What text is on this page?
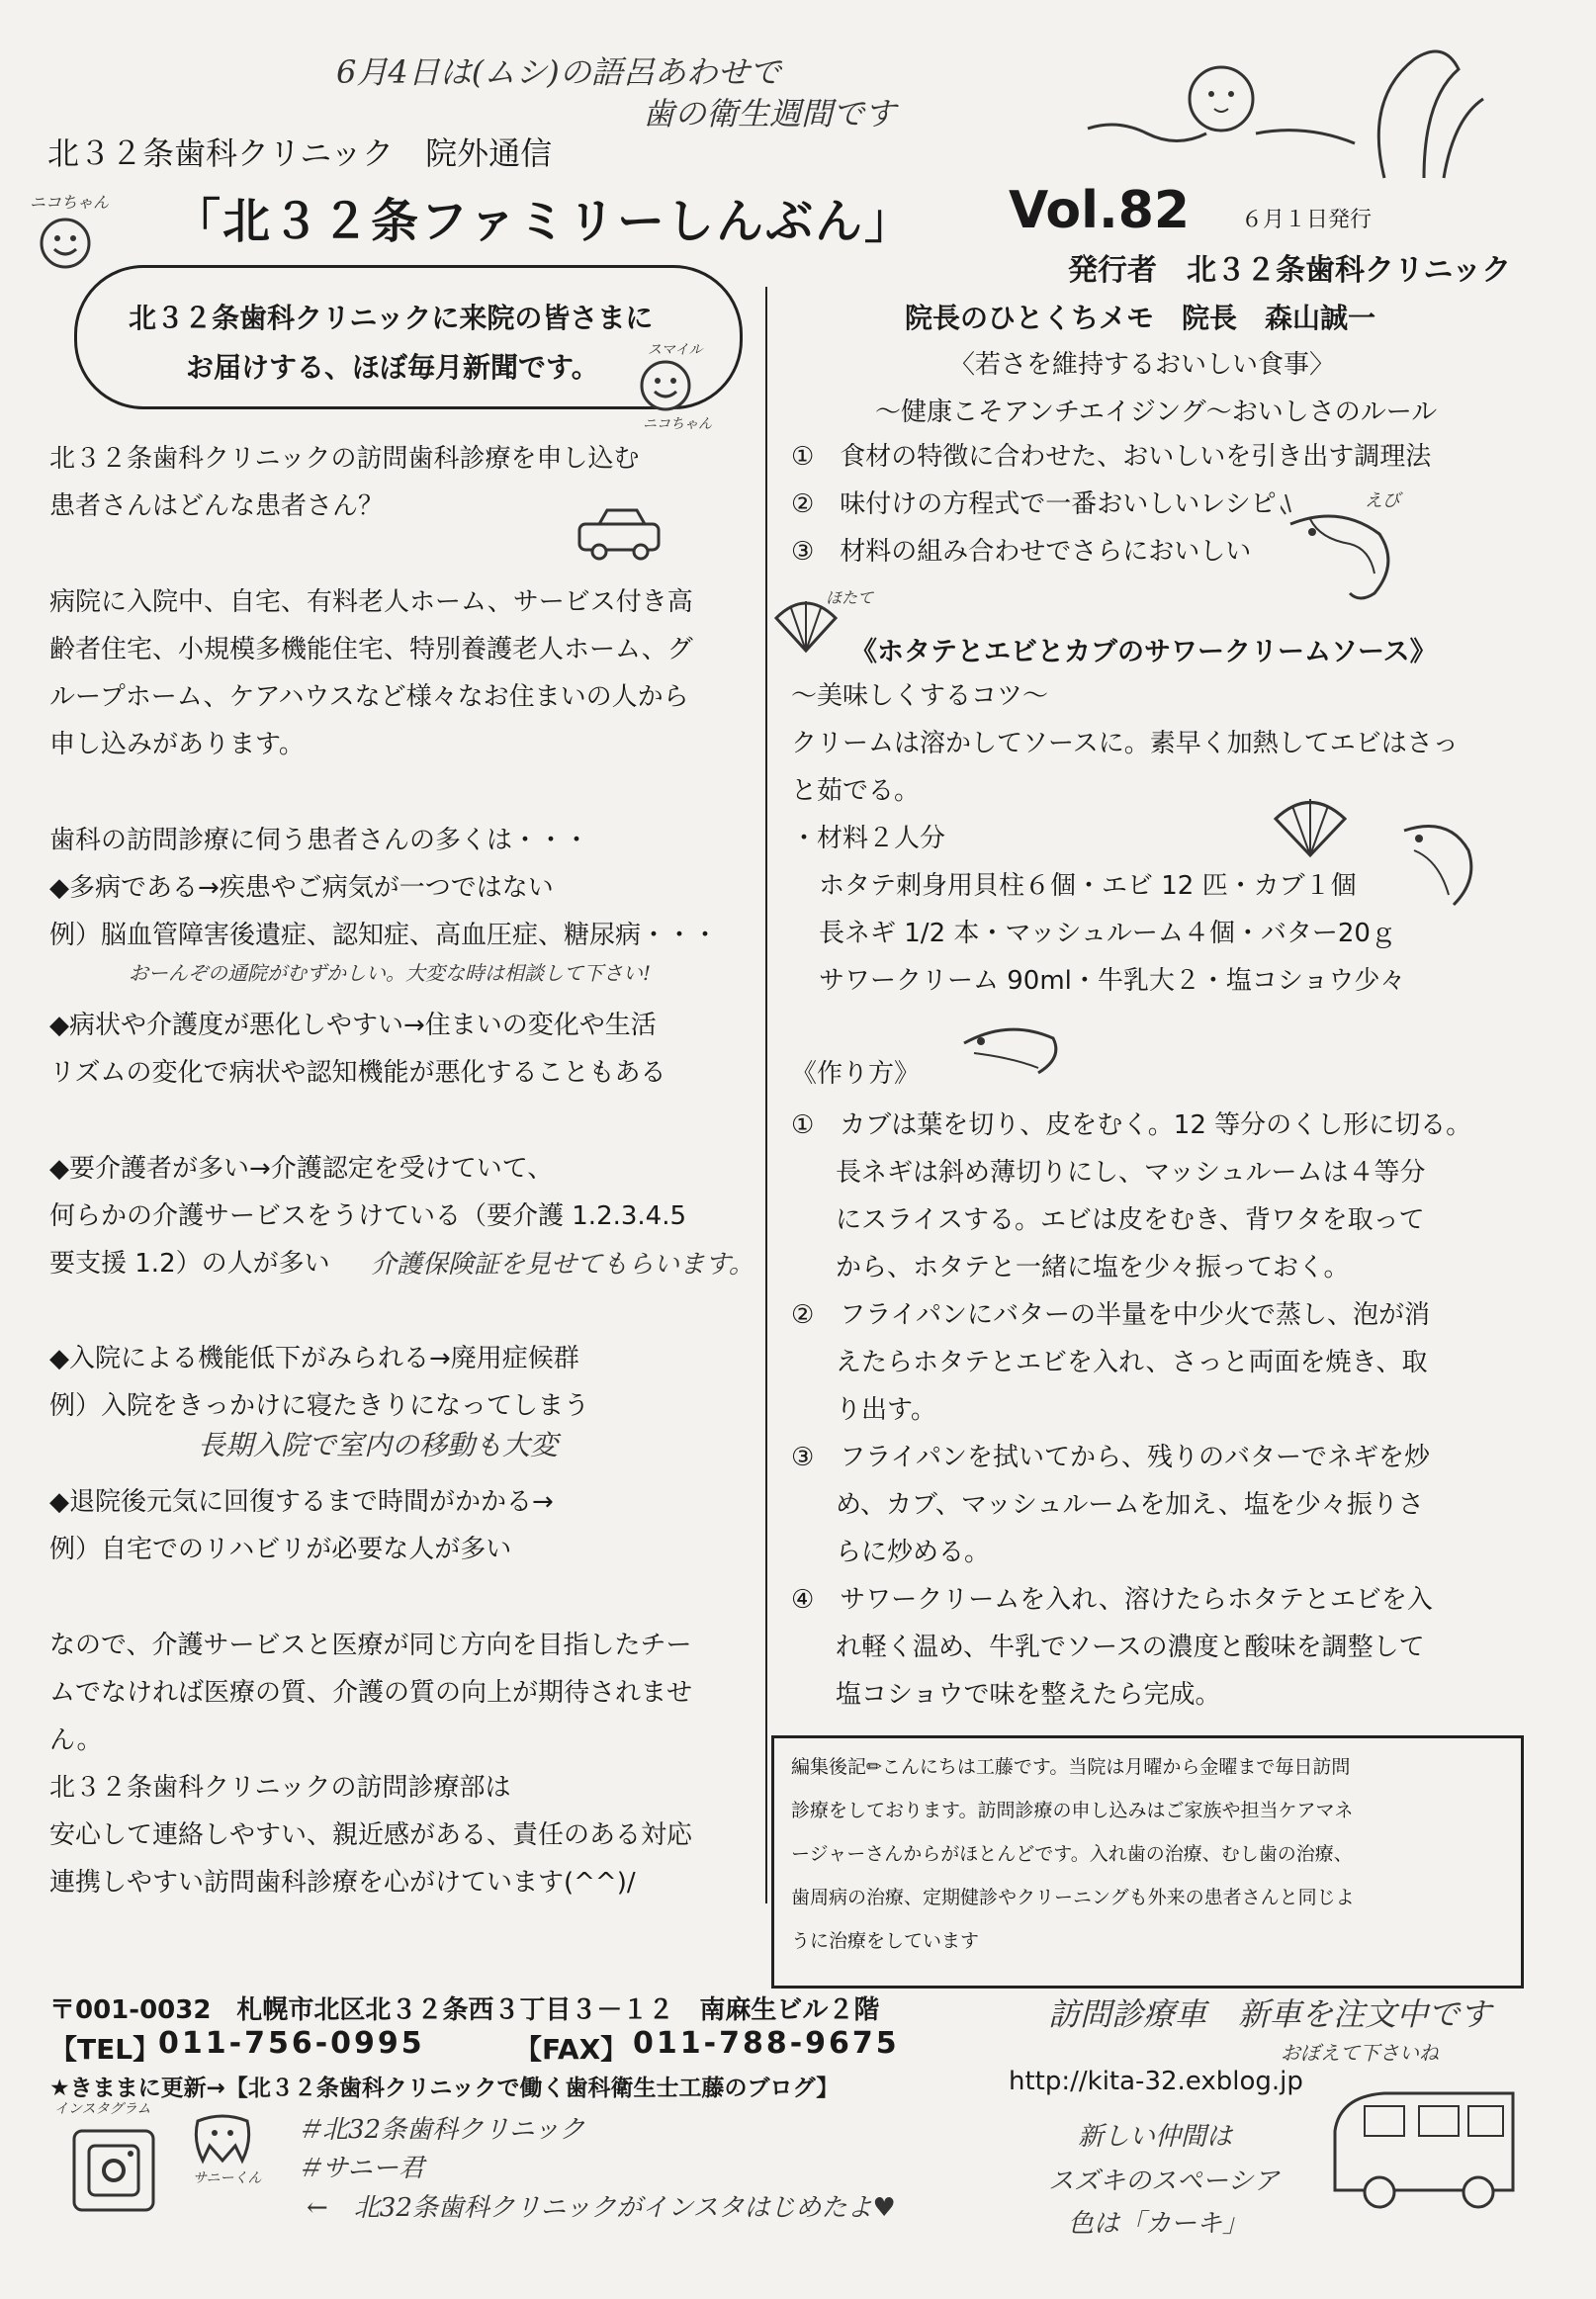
6月4日は(ムシ)の語呂あわせで
歯の衛生週間です
北３２条歯科クリニック　院外通信
「北３２条ファミリーしんぶん」 Vol.82 ６月１日発行
発行者　北３２条歯科クリニック
ニコちゃん
北３２条歯科クリニックに来院の皆さまに
お届けする、ほぼ毎月新聞です。
スマイル
ニコちゃん
北３２条歯科クリニックの訪問歯科診療を申し込む
患者さんはどんな患者さん？
病院に入院中、自宅、有料老人ホーム、サービス付き高
齢者住宅、小規模多機能住宅、特別養護老人ホーム、グ
ループホーム、ケアハウスなど様々なお住まいの人から
申し込みがあります。
歯科の訪問診療に伺う患者さんの多くは・・・
◆多病である→疾患やご病気が一つではない
例）脳血管障害後遺症、認知症、高血圧症、糖尿病・・・
おーんぞの通院がむずかしい。大変な時は相談して下さい!
◆病状や介護度が悪化しやすい→住まいの変化や生活
リズムの変化で病状や認知機能が悪化することもある
◆要介護者が多い→介護認定を受けていて、
何らかの介護サービスをうけている（要介護 1.2.3.4.5
要支援 1.2）の人が多い 介護保険証を見せてもらいます。
◆入院による機能低下がみられる→廃用症候群
例）入院をきっかけに寝たきりになってしまう
長期入院で室内の移動も大変
◆退院後元気に回復するまで時間がかかる→
例）自宅でのリハビリが必要な人が多い
なので、介護サービスと医療が同じ方向を目指したチー
ムでなければ医療の質、介護の質の向上が期待されませ
ん。
北３２条歯科クリニックの訪問診療部は
安心して連絡しやすい、親近感がある、責任のある対応
連携しやすい訪問歯科診療を心がけています(^^)/
院長のひとくちメモ　院長　森山誠一
〈若さを維持するおいしい食事〉
～健康こそアンチエイジング～おいしさのルール
①　食材の特徴に合わせた、おいしいを引き出す調理法
②　味付けの方程式で一番おいしいレシピ
③　材料の組み合わせでさらにおいしい
えび
ほたて
《ホタテとエビとカブのサワークリームソース》
～美味しくするコツ～
クリームは溶かしてソースに。素早く加熱してエビはさっ
と茹でる。
・材料２人分
ホタテ刺身用貝柱６個・エビ 12 匹・カブ１個
長ネギ 1/2 本・マッシュルーム４個・バター20ｇ
サワークリーム 90ml・牛乳大２・塩コショウ少々
《作り方》
①　カブは葉を切り、皮をむく。12 等分のくし形に切る。
長ネギは斜め薄切りにし、マッシュルームは４等分
にスライスする。エビは皮をむき、背ワタを取って
から、ホタテと一緒に塩を少々振っておく。
②　フライパンにバターの半量を中少火で蒸し、泡が消
えたらホタテとエビを入れ、さっと両面を焼き、取
り出す。
③　フライパンを拭いてから、残りのバターでネギを炒
め、カブ、マッシュルームを加え、塩を少々振りさ
らに炒める。
④　サワークリームを入れ、溶けたらホタテとエビを入
れ軽く温め、牛乳でソースの濃度と酸味を調整して
塩コショウで味を整えたら完成。
編集後記✏こんにちは工藤です。当院は月曜から金曜まで毎日訪問
診療をしております。訪問診療の申し込みはご家族や担当ケアマネ
ージャーさんからがほとんどです。入れ歯の治療、むし歯の治療、
歯周病の治療、定期健診やクリーニングも外来の患者さんと同じよ
うに治療をしています
〒001-0032　札幌市北区北３２条西３丁目３－１２　南麻生ビル２階
【TEL】
011-756-0995	【FAX】 011-788-9675
★きままに更新→【北３２条歯科クリニックで働く歯科衛生士工藤のブログ】	http://kita-32.exblog.jp
訪問診療車　新車を注文中です
おぼえて下さいね
インスタグラム
サニーくん
＃北32条歯科クリニック
＃サニー君
←　北32条歯科クリニックがインスタはじめたよ♥
新しい仲間は
スズキのスペーシア
色は「カーキ」
